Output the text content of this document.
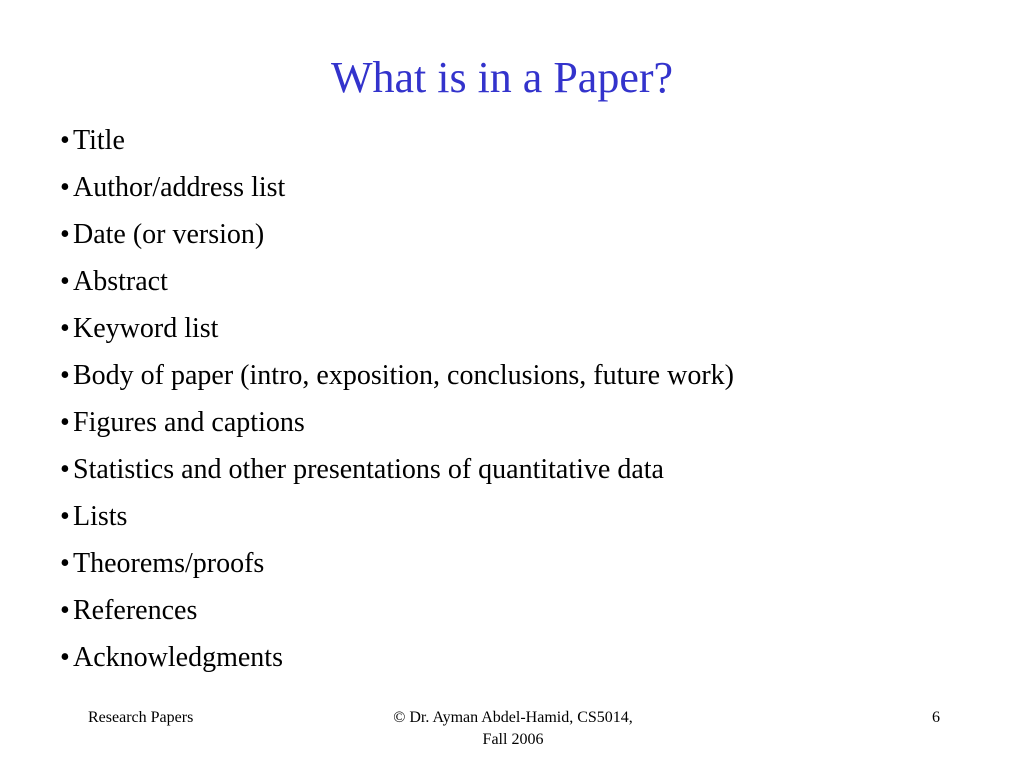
What is in a Paper?
• Title
• Author/address list
• Date (or version)
• Abstract
• Keyword list
• Body of paper (intro, exposition, conclusions, future work)
• Figures and captions
• Statistics and other presentations of quantitative data
• Lists
• Theorems/proofs
• References
• Acknowledgments
Research Papers	© Dr. Ayman Abdel-Hamid, CS5014,
Fall 2006
6
